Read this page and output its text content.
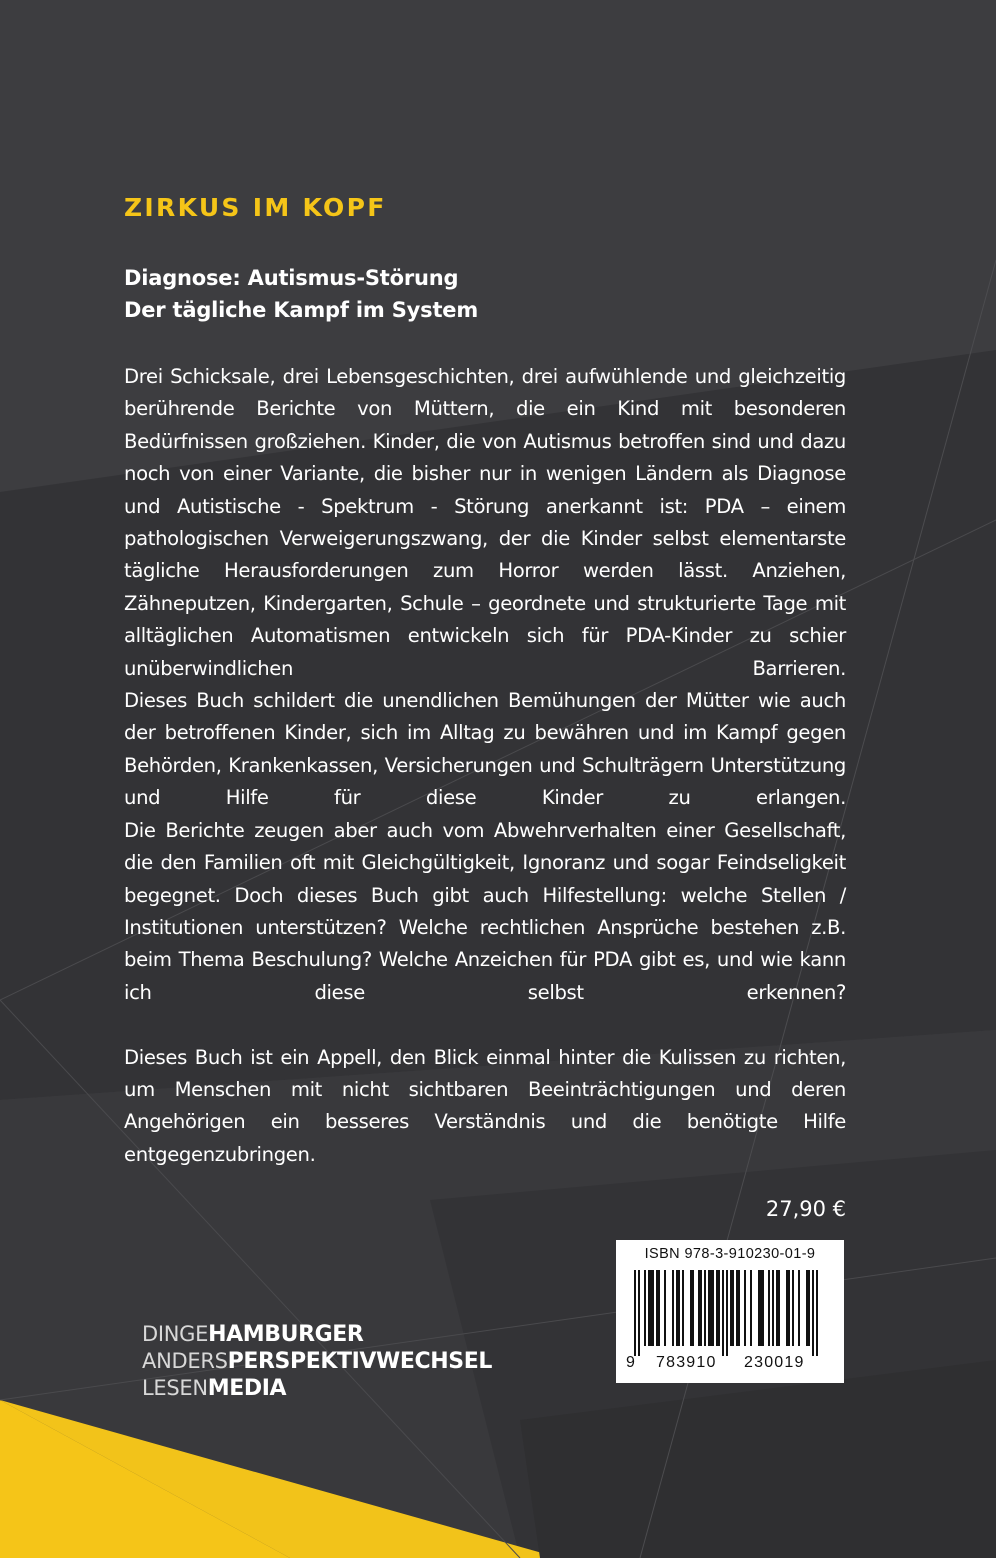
ZIRKUS IM KOPF
Diagnose: Autismus-Störung
Der tägliche Kampf im System

Drei Schicksale, drei Lebensgeschichten, drei aufwühlende und gleichzeitig berührende Berichte von Müttern, die ein Kind mit besonderen Bedürfnissen großziehen. Kinder, die von Autismus betroffen sind und dazu noch von einer Variante, die bisher nur in wenigen Ländern als Diagnose und Autistische - Spektrum - Störung anerkannt ist: PDA – einem pathologischen Verweigerungszwang, der die Kinder selbst elementarste tägliche Herausforderungen zum Horror werden lässt. Anziehen, Zähneputzen, Kindergarten, Schule – geordnete und strukturierte Tage mit alltäglichen Automatismen entwickeln sich für PDA-Kinder zu schier unüberwindlichen Barrieren.

Dieses Buch schildert die unendlichen Bemühungen der Mütter wie auch der betroffenen Kinder, sich im Alltag zu bewähren und im Kampf gegen Behörden, Krankenkassen, Versicherungen und Schulträgern Unterstützung und Hilfe für diese Kinder zu erlangen.

Die Berichte zeugen aber auch vom Abwehrverhalten einer Gesellschaft, die den Familien oft mit Gleichgültigkeit, Ignoranz und sogar Feindseligkeit begegnet. Doch dieses Buch gibt auch Hilfestellung: welche Stellen / Institutionen unterstützen? Welche rechtlichen Ansprüche bestehen z.B. beim Thema Beschulung? Welche Anzeichen für PDA gibt es, und wie kann ich diese selbst erkennen?

Dieses Buch ist ein Appell, den Blick einmal hinter die Kulissen zu richten, um Menschen mit nicht sichtbaren Beeinträchtigungen und deren Angehörigen ein besseres Verständnis und die benötigte Hilfe entgegenzubringen.

27,90 €
ISBN 978-3-910230-01-9
9 783910 230019
DINGEHAMBURGER
ANDERSPERSPEKTIVWECHSEL
LESENMEDIA
